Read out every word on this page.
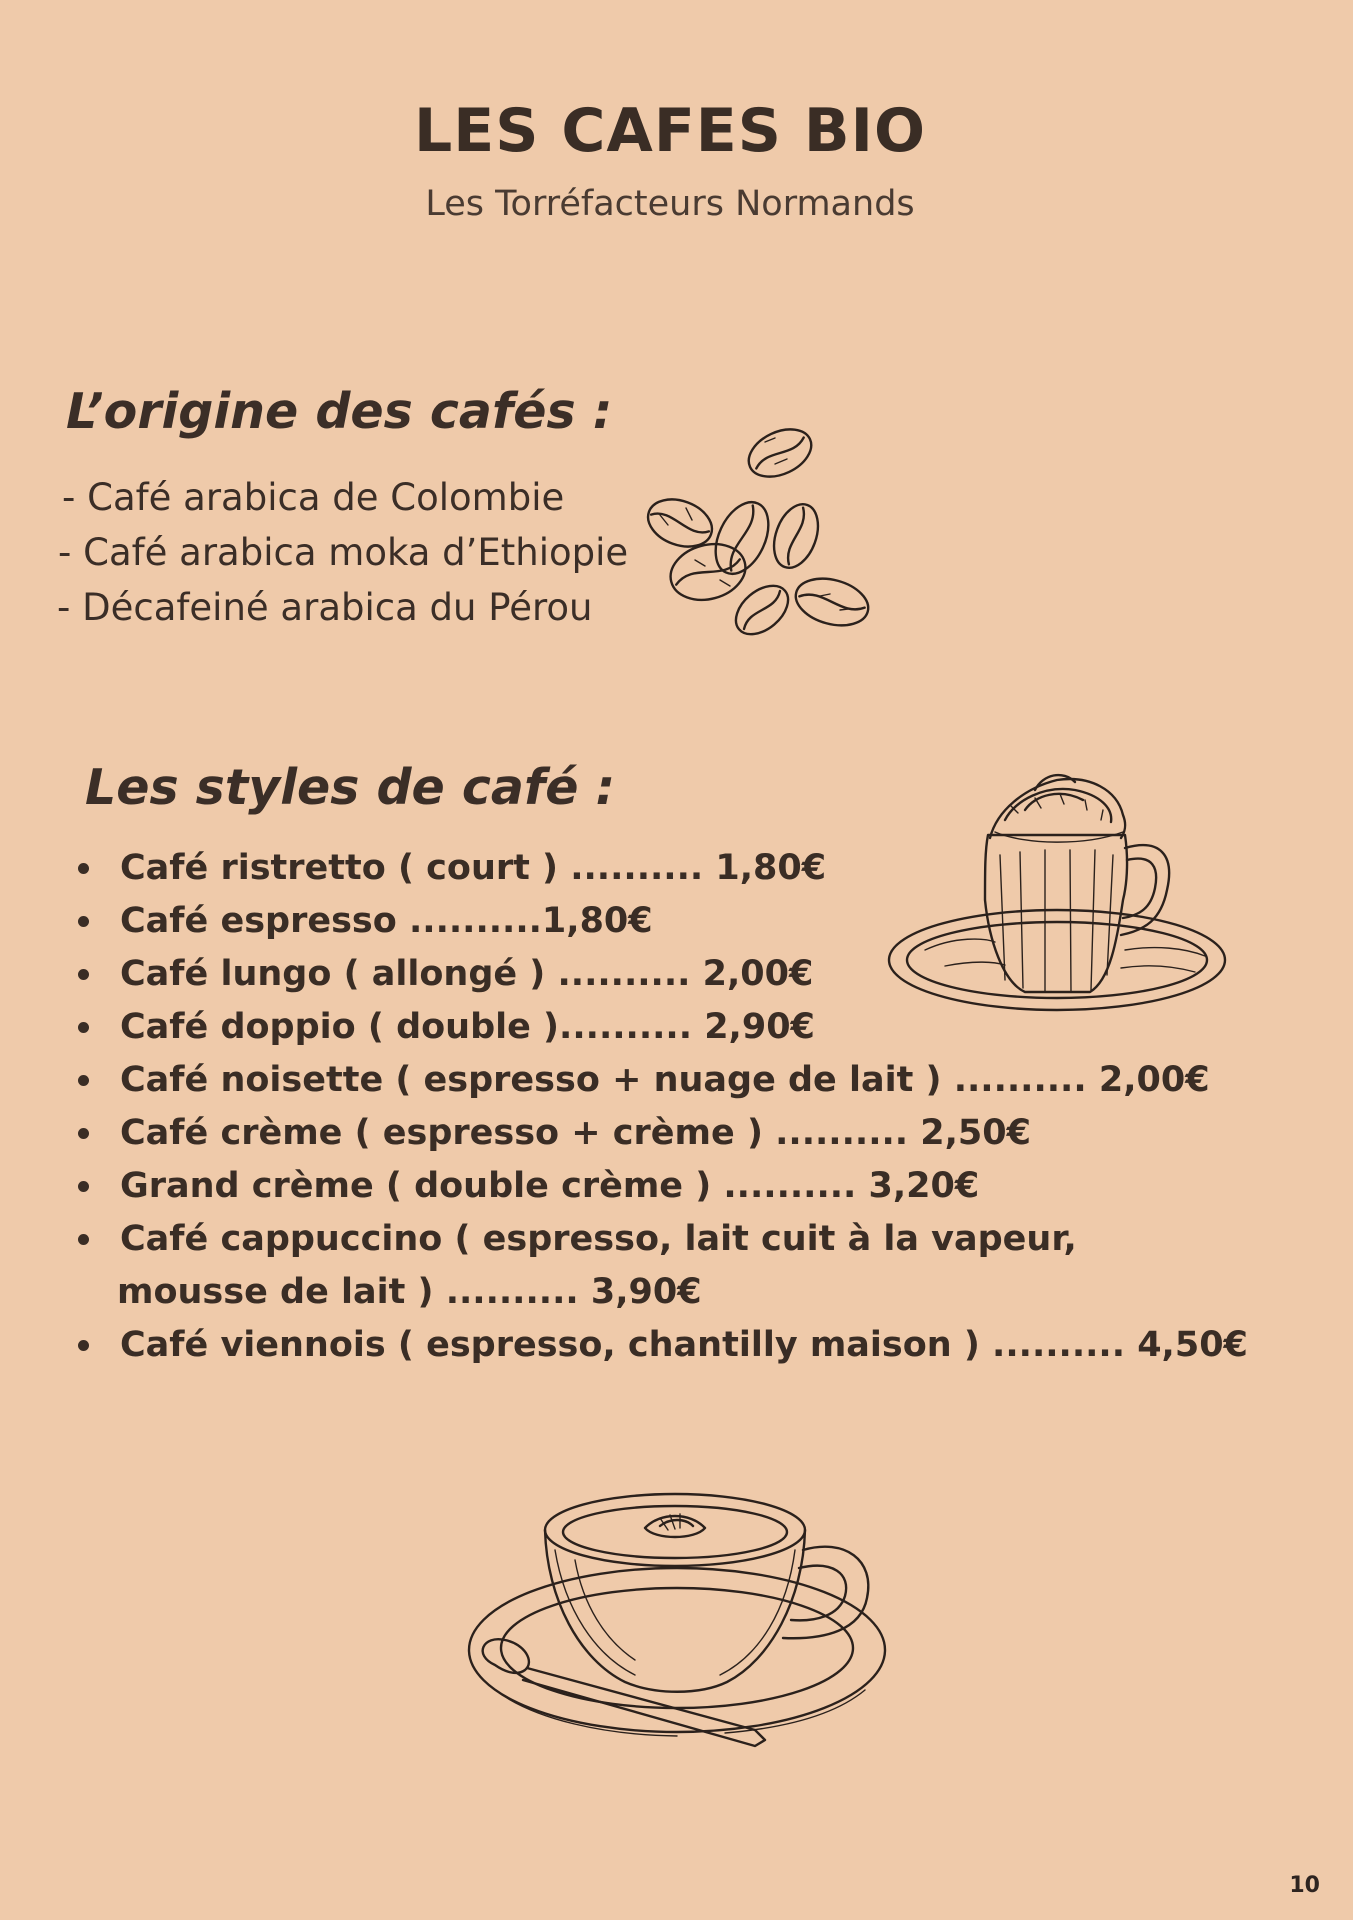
LES CAFES BIO
Les Torréfacteurs Normands
L’origine des cafés :
- Café arabica de Colombie
- Café arabica moka d’Ethiopie
- Décafeiné arabica du Pérou
Les styles de café :
Café ristretto ( court ) .......... 1,80€
Café espresso ..........1,80€
Café lungo ( allongé ) .......... 2,00€
Café doppio ( double ).......... 2,90€
Café noisette ( espresso + nuage de lait ) .......... 2,00€
Café crème ( espresso + crème ) .......... 2,50€
Grand crème ( double crème ) .......... 3,20€
Café cappuccino ( espresso, lait cuit à la vapeur,
mousse de lait ) .......... 3,90€
Café viennois ( espresso, chantilly maison ) .......... 4,50€
10
